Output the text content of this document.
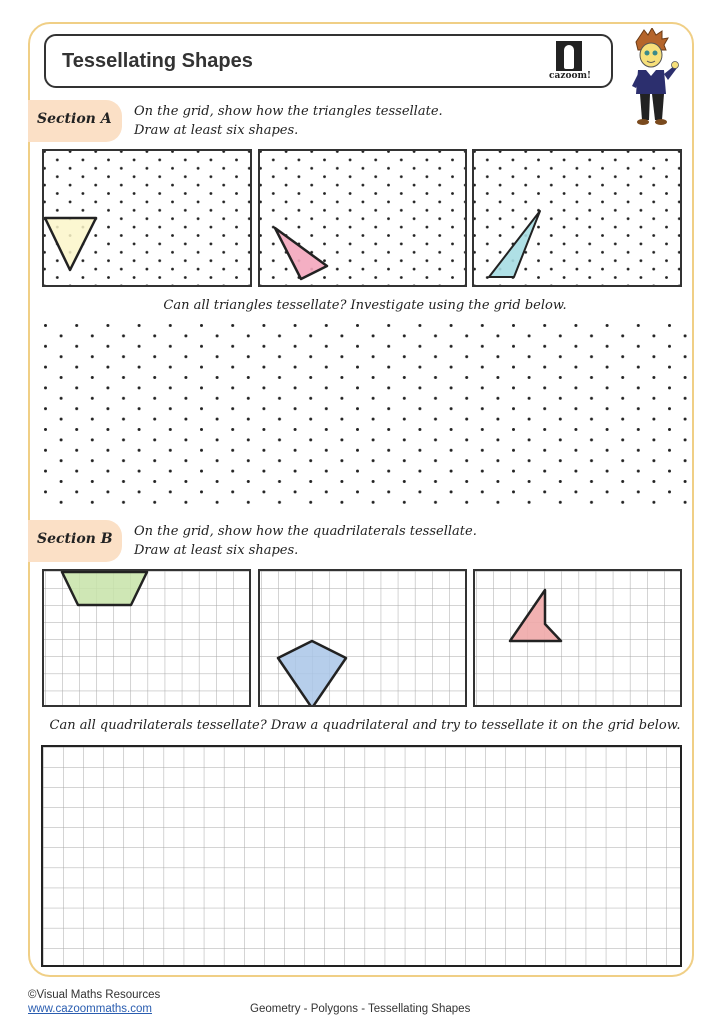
Tessellating Shapes
cazoom!
Section A On the grid, show how the triangles tessellate.
Draw at least six shapes.
Can all triangles tessellate? Investigate using the grid below.
Section B On the grid, show how the quadrilaterals tessellate.
Draw at least six shapes.
Can all quadrilaterals tessellate? Draw a quadrilateral and try to tessellate it on the grid below.
©Visual Maths Resources
www.cazoommaths.com	Geometry - Polygons - Tessellating Shapes
